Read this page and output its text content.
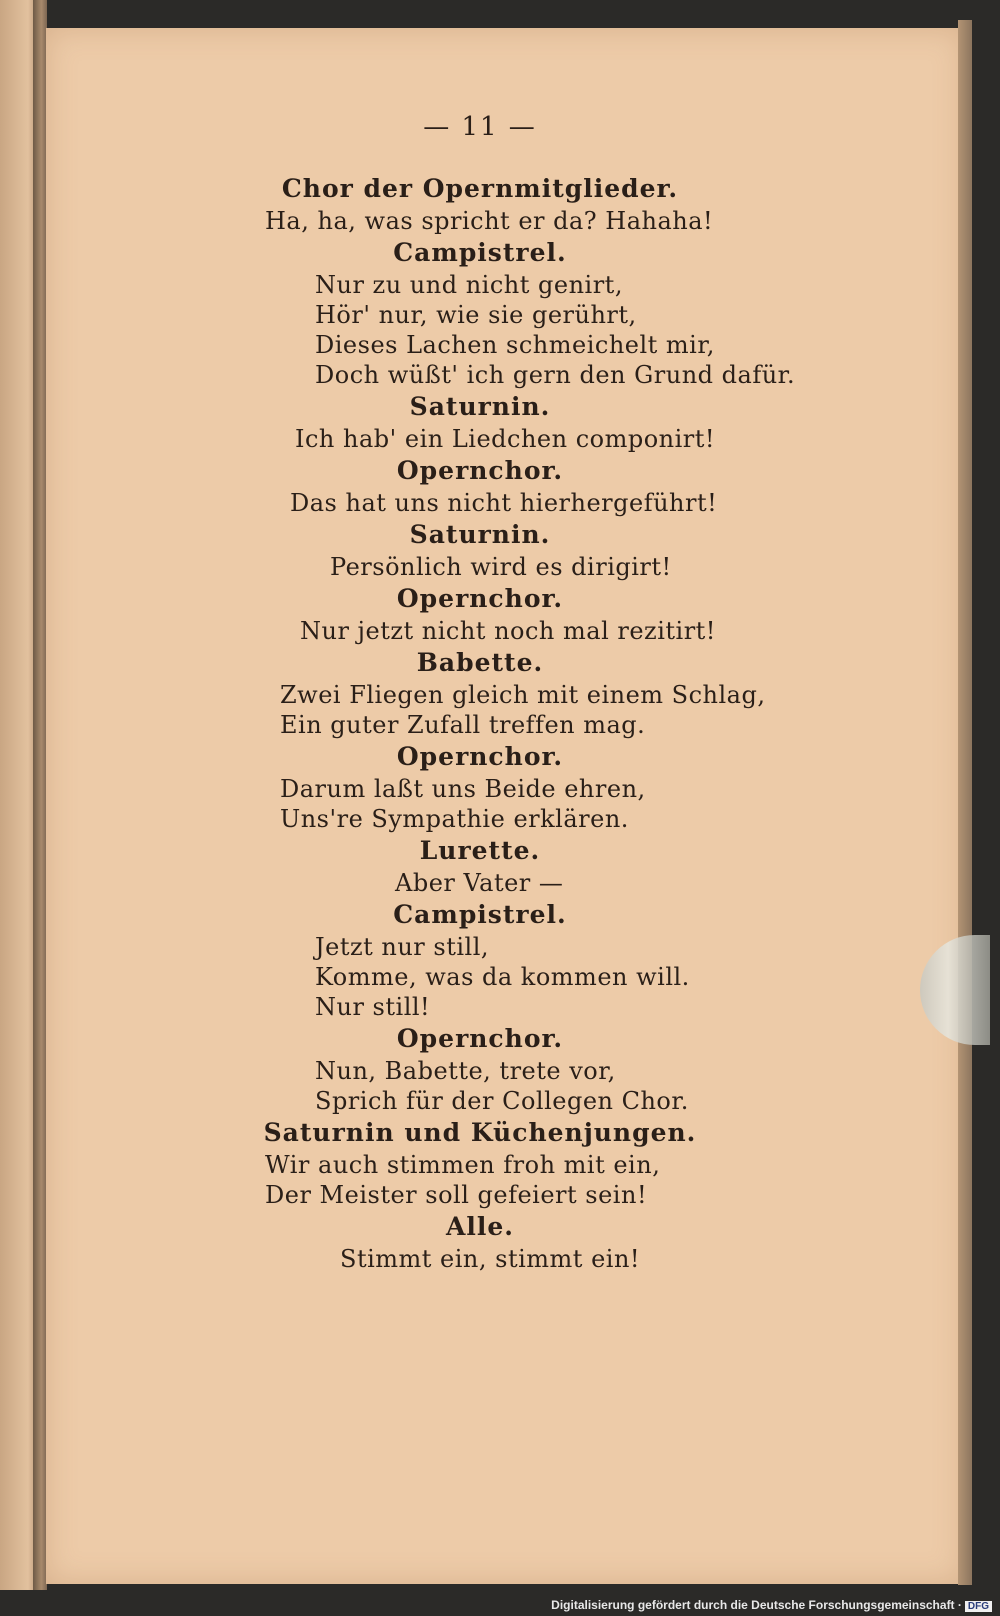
— 11 —
Chor der Opernmitglieder.
Ha, ha, was spricht er da? Hahaha!
Campistrel.
Nur zu und nicht genirt,
Hör' nur, wie sie gerührt,
Dieses Lachen schmeichelt mir,
Doch wüßt' ich gern den Grund dafür.
Saturnin.
Ich hab' ein Liedchen componirt!
Opernchor.
Das hat uns nicht hierhergeführt!
Saturnin.
Persönlich wird es dirigirt!
Opernchor.
Nur jetzt nicht noch mal rezitirt!
Babette.
Zwei Fliegen gleich mit einem Schlag,
Ein guter Zufall treffen mag.
Opernchor.
Darum laßt uns Beide ehren,
Uns're Sympathie erklären.
Lurette.
Aber Vater —
Campistrel.
Jetzt nur still,
Komme, was da kommen will.
Nur still!
Opernchor.
Nun, Babette, trete vor,
Sprich für der Collegen Chor.
Saturnin und Küchenjungen.
Wir auch stimmen froh mit ein,
Der Meister soll gefeiert sein!
Alle.
Stimmt ein, stimmt ein!
Digitalisierung gefördert durch die Deutsche Forschungsgemeinschaft · DFG
